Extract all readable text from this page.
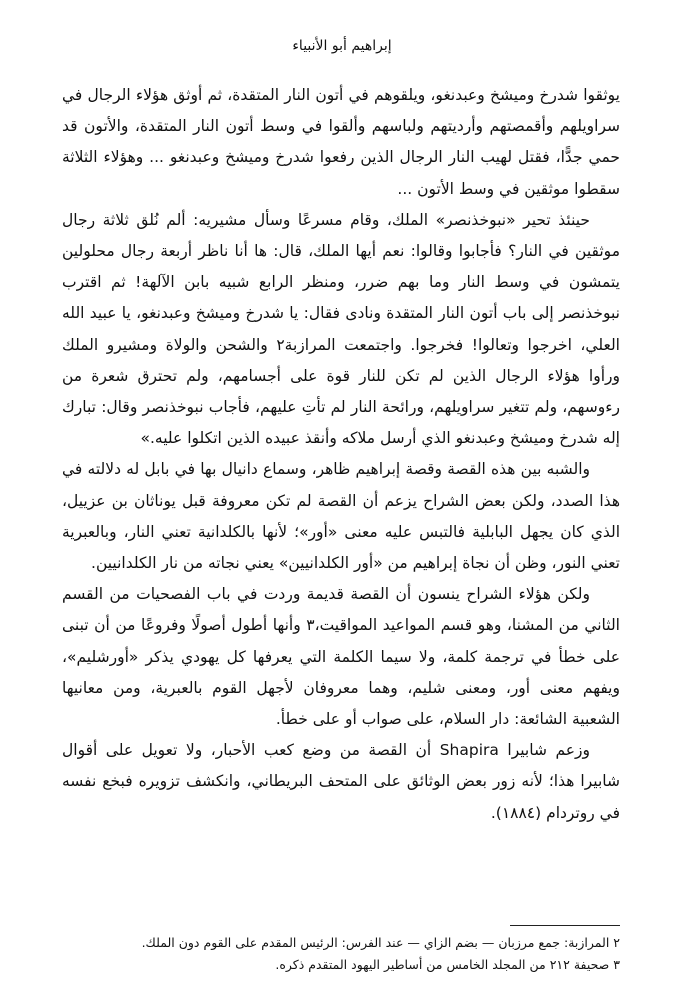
إبراهيم أبو الأنبياء

يوثقوا شدرخ وميشخ وعبدنغو، ويلقوهم في أتون النار المتقدة، ثم أوثق هؤلاء الرجال في سراويلهم وأقمصتهم وأرديتهم ولباسهم وألقوا في وسط أتون النار المتقدة، والأتون قد حمي جدًّا، فقتل لهيب النار الرجال الذين رفعوا شدرخ وميشخ وعبدنغو ... وهؤلاء الثلاثة سقطوا موثقين في وسط الأتون ...

حينئذ تحير «نبوخذنصر» الملك، وقام مسرعًا وسأل مشيريه: ألم نُلق ثلاثة رجال موثقين في النار؟ فأجابوا وقالوا: نعم أيها الملك، قال: ها أنا ناظر أربعة رجال محلولين يتمشون في وسط النار وما بهم ضرر، ومنظر الرابع شبيه بابن الآلهة! ثم اقترب نبوخذنصر إلى باب أتون النار المتقدة ونادى فقال: يا شدرخ وميشخ وعبدنغو، يا عبيد الله العلي، اخرجوا وتعالوا! فخرجوا. واجتمعت المرازبة٢ والشحن والولاة ومشيرو الملك ورأوا هؤلاء الرجال الذين لم تكن للنار قوة على أجسامهم، ولم تحترق شعرة من رءوسهم، ولم تتغير سراويلهم، ورائحة النار لم تأتِ عليهم، فأجاب نبوخذنصر وقال: تبارك إله شدرخ وميشخ وعبدنغو الذي أرسل ملاكه وأنقذ عبيده الذين اتكلوا عليه.»

والشبه بين هذه القصة وقصة إبراهيم ظاهر، وسماع دانيال بها في بابل له دلالته في هذا الصدد، ولكن بعض الشراح يزعم أن القصة لم تكن معروفة قبل يوناثان بن عزييل، الذي كان يجهل البابلية فالتبس عليه معنى «أور»؛ لأنها بالكلدانية تعني النار، وبالعبرية تعني النور، وظن أن نجاة إبراهيم من «أور الكلدانيين» يعني نجاته من نار الكلدانيين.

ولكن هؤلاء الشراح ينسون أن القصة قديمة وردت في باب الفصحيات من القسم الثاني من المشنا، وهو قسم المواعيد المواقيت،٣ وأنها أطول أصولًا وفروعًا من أن تبنى على خطأ في ترجمة كلمة، ولا سيما الكلمة التي يعرفها كل يهودي يذكر «أورشليم»، ويفهم معنى أور، ومعنى شليم، وهما معروفان لأجهل القوم بالعبرية، ومن معانيها الشعبية الشائعة: دار السلام، على صواب أو على خطأ.

وزعم شابيرا Shapira أن القصة من وضع كعب الأحبار، ولا تعويل على أقوال شابيرا هذا؛ لأنه زور بعض الوثائق على المتحف البريطاني، وانكشف تزويره فبخع نفسه في روتردام (١٨٨٤).

٢ المرازبة: جمع مرزبان — بضم الزاي — عند الفرس: الرئيس المقدم على القوم دون الملك.

٣ صحيفة ٢١٢ من المجلد الخامس من أساطير اليهود المتقدم ذكره.
